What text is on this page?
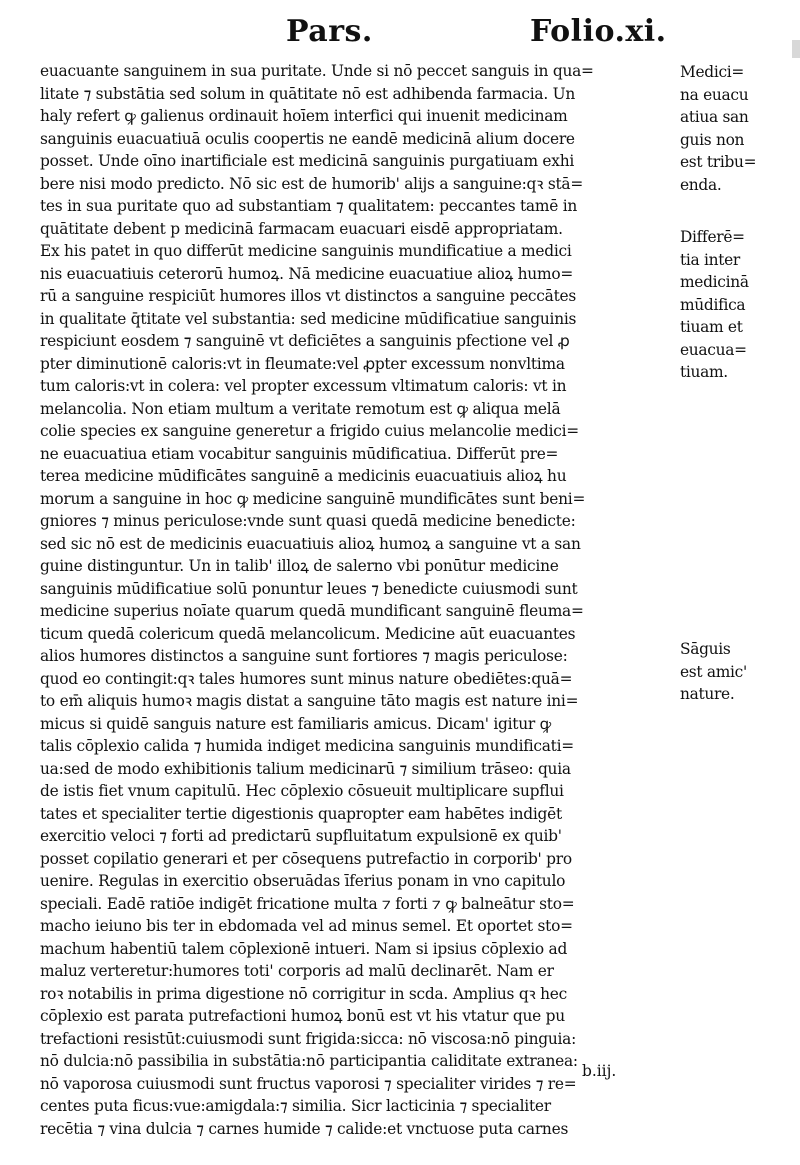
Pars.	Folio.xi.
euacuante sanguinem in sua puritate. Unde si nō peccet sanguis in qua=
litate ⁊ substātia sed solum in quātitate nō est adhibenda farmacia. Un
haly refert ꝙ galienus ordinauit hoīem interfici qui inuenit medicinam
sanguinis euacuatiuā oculis coopertis ne eandē medicinā alium docere
posset. Unde oīno inartificiale est medicinā sanguinis purgatiuam exhi
bere nisi modo predicto. Nō sic est de humorib' alijs a sanguine:qꝛ stā=
tes in sua puritate quo ad substantiam ⁊ qualitatem: peccantes tamē in
quātitate debent p medicinā farmacam euacuari eisdē appropriatam.
Ex his patet in quo differūt medicine sanguinis mundificatiue a medici
nis euacuatiuis ceterorū humoꝝ. Nā medicine euacuatiue alioꝝ humo=
rū a sanguine respiciūt humores illos vt distinctos a sanguine peccātes
in qualitate q̄titate vel substantia: sed medicine mūdificatiue sanguinis
respiciunt eosdem ⁊ sanguinē vt deficiētes a sanguinis pfectione vel ꝓ
pter diminutionē caloris:vt in fleumate:vel ꝓpter excessum nonvltima
tum caloris:vt in colera: vel propter excessum vltimatum caloris: vt in
melancolia. Non etiam multum a veritate remotum est ꝙ aliqua melā
colie species ex sanguine generetur a frigido cuius melancolie medici=
ne euacuatiua etiam vocabitur sanguinis mūdificatiua. Differūt pre=
terea medicine mūdificātes sanguinē a medicinis euacuatiuis alioꝝ hu
morum a sanguine in hoc ꝙ medicine sanguinē mundificātes sunt beni=
gniores ⁊ minus periculose:vnde sunt quasi quedā medicine benedicte:
sed sic nō est de medicinis euacuatiuis alioꝝ humoꝝ a sanguine vt a san
guine distinguntur. Un in talib' illoꝝ de salerno vbi ponūtur medicine
sanguinis mūdificatiue solū ponuntur leues ⁊ benedicte cuiusmodi sunt
medicine superius noīate quarum quedā mundificant sanguinē fleuma=
ticum quedā colericum quedā melancolicum. Medicine aūt euacuantes
alios humores distinctos a sanguine sunt fortiores ⁊ magis periculose:
quod eo contingit:qꝛ tales humores sunt minus nature obediētes:quā=
to em̄ aliquis humoꝛ magis distat a sanguine tāto magis est nature ini=
micus si quidē sanguis nature est familiaris amicus. Dicam' igitur ꝙ
talis cōplexio calida ⁊ humida indiget medicina sanguinis mundificati=
ua:sed de modo exhibitionis talium medicinarū ⁊ similium trāseo: quia
de istis fiet vnum capitulū. Hec cōplexio cōsueuit multiplicare supflui
tates et specialiter tertie digestionis quapropter eam habētes indigēt
exercitio veloci ⁊ forti ad predictarū supfluitatum expulsionē ex quib'
posset copilatio generari et per cōsequens putrefactio in corporib' pro
uenire. Regulas in exercitio obseruādas īferius ponam in vno capitulo
speciali. Eadē ratiōe indigēt fricatione multa ⁊ forti ⁊ ꝙ balneātur sto=
macho ieiuno bis ter in ebdomada vel ad minus semel. Et oportet sto=
machum habentiū talem cōplexionē intueri. Nam si ipsius cōplexio ad
maluz verteretur:humores toti' corporis ad malū declinarēt. Nam er
roꝛ notabilis in prima digestione nō corrigitur in scda. Amplius qꝛ hec
cōplexio est parata putrefactioni humoꝝ bonū est vt his vtatur que pu
trefactioni resistūt:cuiusmodi sunt frigida:sicca: nō viscosa:nō pinguia:
nō dulcia:nō passibilia in substātia:nō participantia caliditate extranea:
nō vaporosa cuiusmodi sunt fructus vaporosi ⁊ specialiter virides ⁊ re=
centes puta ficus:vue:amigdala:⁊ similia. Sicr lacticinia ⁊ specialiter
recētia ⁊ vina dulcia ⁊ carnes humide ⁊ calide:et vnctuose puta carnes
Medici=
na euacu
atiua san
guis non
est tribu=
enda.
Differē=
tia inter
medicinā
mūdifica
tiuam et
euacua=
tiuam.
Sāguis
est amic'
nature.
b.iij.
